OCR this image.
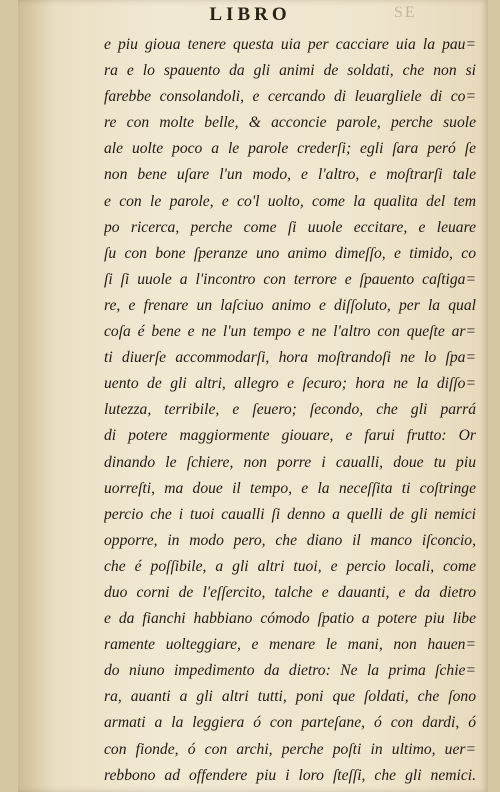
LIBRO	SE
e piu gioua tenere questa uia per cacciare uia la pau=
ra e lo spauento da gli animi de soldati, che non si
farebbe consolandoli, e cercando di leuargliele di co=
re con molte belle, & acconcie parole, perche suole
ale uolte poco a le parole crederſi; egli ſara peró ſe
non bene uſare l'un modo, e l'altro, e moſtrarſi tale
e con le parole, e co'l uolto, come la qualita del tem
po ricerca, perche come ſi uuole eccitare, e leuare
ſu con bone ſperanze uno animo dimeſſo, e timido, co
ſi ſi uuole a l'incontro con terrore e ſpauento caſtiga=
re, e frenare un laſciuo animo e diſſoluto, per la qual
coſa é bene e ne l'un tempo e ne l'altro con queſte ar=
ti diuerſe accommodarſi, hora moſtrandoſi ne lo ſpa=
uento de gli altri, allegro e ſecuro; hora ne la diſſo=
lutezza, terribile, e ſeuero; ſecondo, che gli parrá
di potere maggiormente giouare, e farui frutto: Or
dinando le ſchiere, non porre i caualli, doue tu piu
uorreſti, ma doue il tempo, e la neceſſita ti coſtringe
percio che i tuoi caualli ſi denno a quelli de gli nemici
opporre, in modo pero, che diano il manco iſconcio,
che é poſſibile, a gli altri tuoi, e percio locali, come
duo corni de l'eſſercito, talche e dauanti, e da dietro
e da fianchi habbiano cómodo ſpatio a potere piu libe
ramente uolteggiare, e menare le mani, non hauen=
do niuno impedimento da dietro: Ne la prima ſchie=
ra, auanti a gli altri tutti, poni que ſoldati, che ſono
armati a la leggiera ó con parteſane, ó con dardi, ó
con fionde, ó con archi, perche poſti in ultimo, uer=
rebbono ad offendere piu i loro ſteſſi, che gli nemici.
